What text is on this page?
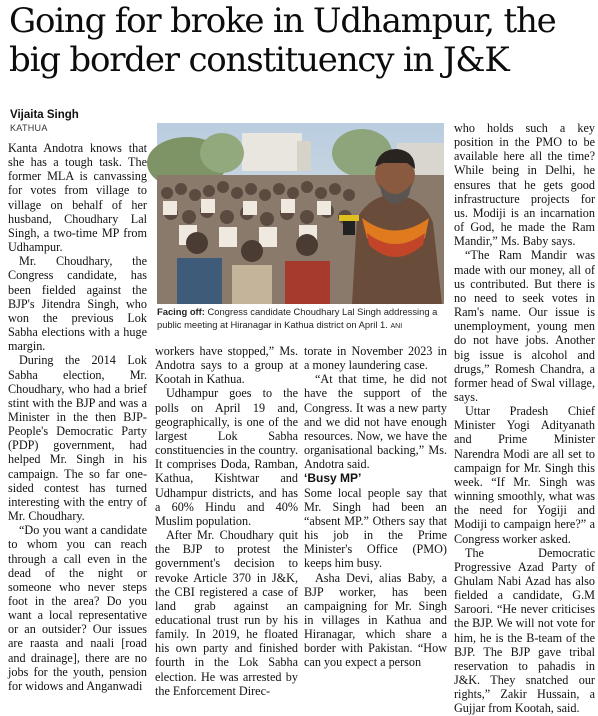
Going for broke in Udhampur, the big border constituency in J&K
Vijaita Singh
KATHUA

Kanta Andotra knows that she has a tough task. The former MLA is canvassing for votes from village to village on behalf of her husband, Choudhary Lal Singh, a two-time MP from Udhampur.

Mr. Choudhary, the Congress candidate, has been fielded against the BJP's Jitendra Singh, who won the previous Lok Sabha elections with a huge margin.

During the 2014 Lok Sabha election, Mr. Choudhary, who had a brief stint with the BJP and was a Minister in the then BJP-People's Democratic Party (PDP) government, had helped Mr. Singh in his campaign. The so far one-sided contest has turned interesting with the entry of Mr. Choudhary.

“Do you want a candidate to whom you can reach through a call even in the dead of the night or someone who never steps foot in the area? Do you want a local representative or an outsider? Our issues are raasta and naali [road and drainage], there are no jobs for the youth, pension for widows and Anganwadi

Facing off: Congress candidate Choudhary Lal Singh addressing a public meeting at Hiranagar in Kathua district on April 1. ANI

workers have stopped,” Ms. Andotra says to a group at Kootah in Kathua.

Udhampur goes to the polls on April 19 and, geographically, is one of the largest Lok Sabha constituencies in the country. It comprises Doda, Ramban, Kathua, Kishtwar and Udhampur districts, and has a 60% Hindu and 40% Muslim population.

After Mr. Choudhary quit the BJP to protest the government's decision to revoke Article 370 in J&K, the CBI registered a case of land grab against an educational trust run by his family. In 2019, he floated his own party and finished fourth in the Lok Sabha election. He was arrested by the Enforcement Direc-

torate in November 2023 in a money laundering case.

“At that time, he did not have the support of the Congress. It was a new party and we did not have enough resources. Now, we have the organisational backing,” Ms. Andotra said.

‘Busy MP’

Some local people say that Mr. Singh had been an “absent MP.” Others say that his job in the Prime Minister's Office (PMO) keeps him busy.

Asha Devi, alias Baby, a BJP worker, has been campaigning for Mr. Singh in villages in Kathua and Hiranagar, which share a border with Pakistan. “How can you expect a person

who holds such a key position in the PMO to be available here all the time? While being in Delhi, he ensures that he gets good infrastructure projects for us. Modiji is an incarnation of God, he made the Ram Mandir,” Ms. Baby says.

“The Ram Mandir was made with our money, all of us contributed. But there is no need to seek votes in Ram's name. Our issue is unemployment, young men do not have jobs. Another big issue is alcohol and drugs,” Romesh Chandra, a former head of Swal village, says.

Uttar Pradesh Chief Minister Yogi Adityanath and Prime Minister Narendra Modi are all set to campaign for Mr. Singh this week. “If Mr. Singh was winning smoothly, what was the need for Yogiji and Modiji to campaign here?” a Congress worker asked.

The Democratic Progressive Azad Party of Ghulam Nabi Azad has also fielded a candidate, G.M Saroori. “He never criticises the BJP. We will not vote for him, he is the B-team of the BJP. The BJP gave tribal reservation to pahadis in J&K. They snatched our rights,” Zakir Hussain, a Gujjar from Kootah, said.
